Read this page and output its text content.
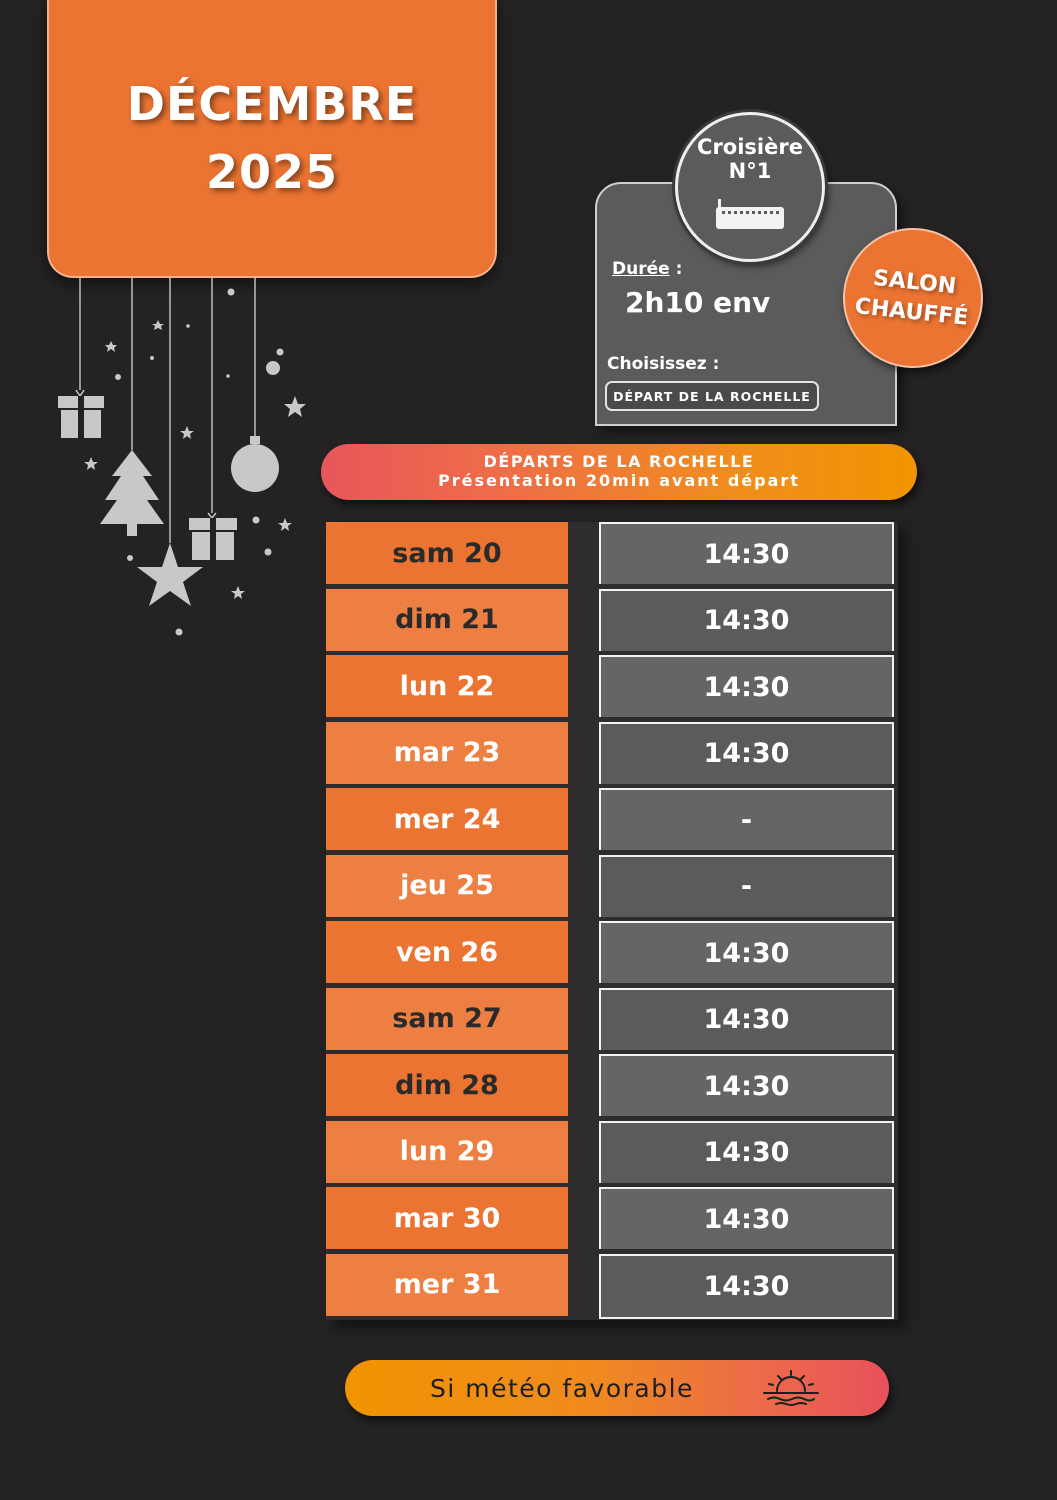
DÉCEMBRE
2025	Croisière
N°1
Durée :
2h10 env
Choisissez :
DÉPART DE LA ROCHELLE
SALON
CHAUFFÉ
DÉPARTS DE LA ROCHELLE
Présentation 20min avant départ
sam 20	14:30
dim 21	14:30
lun 22	14:30
mar 23	14:30
mer 24	-
jeu 25	-
ven 26	14:30
sam 27	14:30
dim 28	14:30
lun 29	14:30
mar 30	14:30
mer 31	14:30
Si météo favorable
